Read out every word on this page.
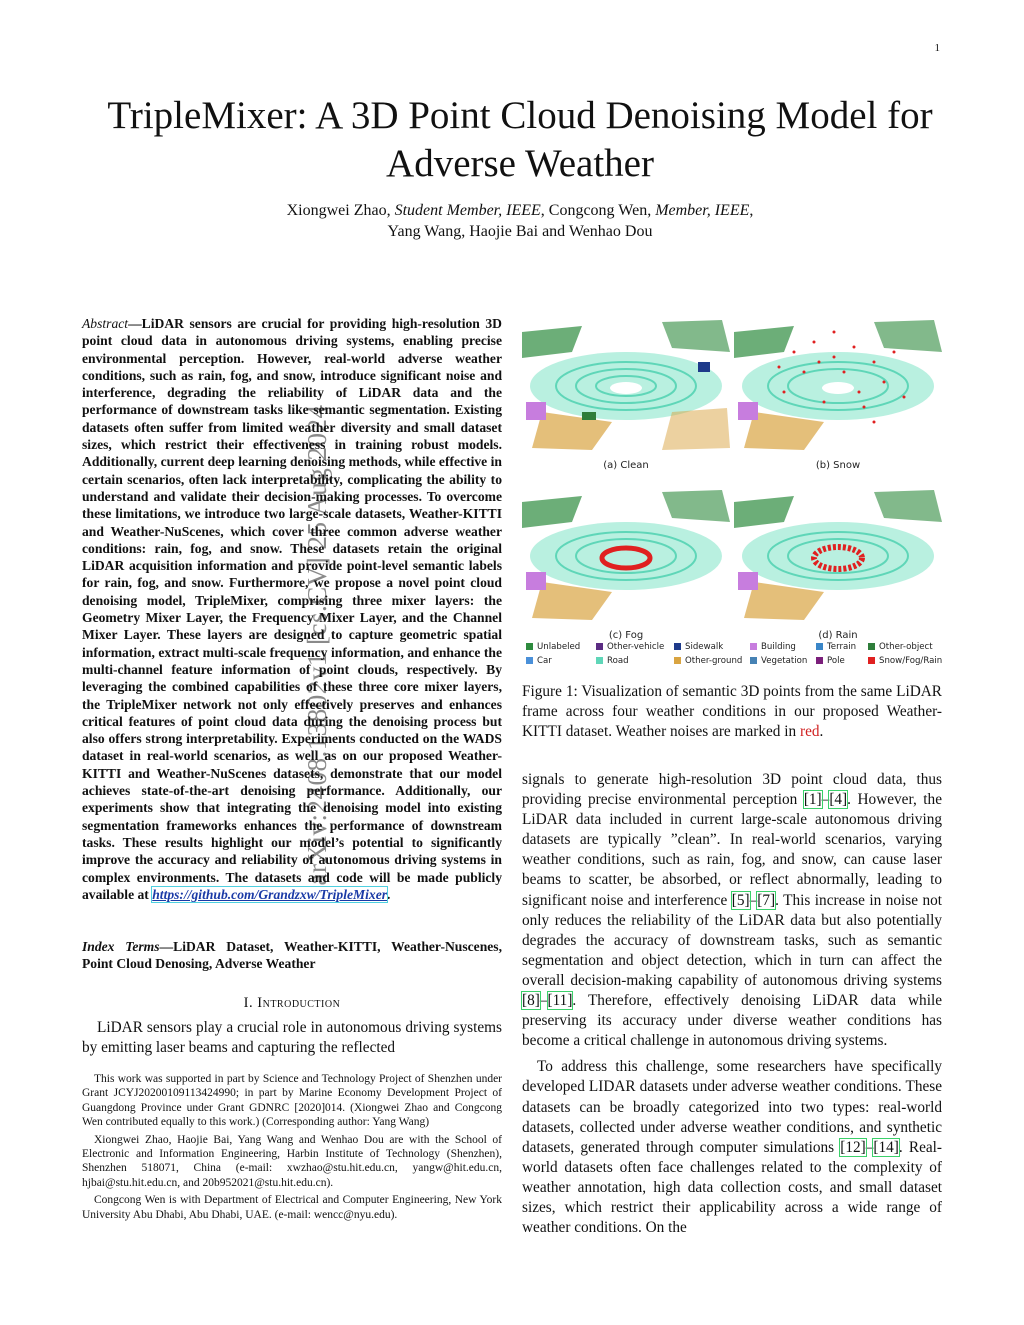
1
arXiv:2408.13802v1 [cs.CV] 25 Aug 2024
TripleMixer: A 3D Point Cloud Denoising Model for Adverse Weather
Xiongwei Zhao, Student Member, IEEE, Congcong Wen, Member, IEEE,
Yang Wang, Haojie Bai and Wenhao Dou
Abstract—LiDAR sensors are crucial for providing high-resolution 3D point cloud data in autonomous driving systems, enabling precise environmental perception. However, real-world adverse weather conditions, such as rain, fog, and snow, introduce significant noise and interference, degrading the reliability of LiDAR data and the performance of downstream tasks like semantic segmentation. Existing datasets often suffer from limited weather diversity and small dataset sizes, which restrict their effectiveness in training robust models. Additionally, current deep learning denoising methods, while effective in certain scenarios, often lack interpretability, complicating the ability to understand and validate their decision-making processes. To overcome these limitations, we introduce two large-scale datasets, Weather-KITTI and Weather-NuScenes, which cover three common adverse weather conditions: rain, fog, and snow. These datasets retain the original LiDAR acquisition information and provide point-level semantic labels for rain, fog, and snow. Furthermore, we propose a novel point cloud denoising model, TripleMixer, comprising three mixer layers: the Geometry Mixer Layer, the Frequency Mixer Layer, and the Channel Mixer Layer. These layers are designed to capture geometric spatial information, extract multi-scale frequency information, and enhance the multi-channel feature information of point clouds, respectively. By leveraging the combined capabilities of these three core mixer layers, the TripleMixer network not only effectively preserves and enhances critical features of point cloud data during the denoising process but also offers strong interpretability. Experiments conducted on the WADS dataset in real-world scenarios, as well as on our proposed Weather-KITTI and Weather-NuScenes datasets, demonstrate that our model achieves state-of-the-art denoising performance. Additionally, our experiments show that integrating the denoising model into existing segmentation frameworks enhances the performance of downstream tasks. These results highlight our model’s potential to significantly improve the accuracy and reliability of autonomous driving systems in complex environments. The datasets and code will be made publicly available at https://github.com/Grandzxw/TripleMixer.
Index Terms—LiDAR Dataset, Weather-KITTI, Weather-Nuscenes, Point Cloud Denosing, Adverse Weather
I. Introduction
LiDAR sensors play a crucial role in autonomous driving systems by emitting laser beams and capturing the reflected

This work was supported in part by Science and Technology Project of Shenzhen under Grant JCYJ20200109113424990; in part by Marine Economy Development Project of Guangdong Province under Grant GDNRC [2020]014. (Xiongwei Zhao and Congcong Wen contributed equally to this work.) (Corresponding author: Yang Wang)

Xiongwei Zhao, Haojie Bai, Yang Wang and Wenhao Dou are with the School of Electronic and Information Engineering, Harbin Institute of Technology (Shenzhen), Shenzhen 518071, China (e-mail: xwzhao@stu.hit.edu.cn, yangw@hit.edu.cn, hjbai@stu.hit.edu.cn, and 20b952021@stu.hit.edu.cn).

Congcong Wen is with Department of Electrical and Computer Engineering, New York University Abu Dhabi, Abu Dhabi, UAE. (e-mail: wencc@nyu.edu).

(a) Clean	(b) Snow
(c) Fog	(d) Rain
Unlabeled	Other-vehicle	Sidewalk	Building	Terrain	Other-object
Car	Road	Other-ground	Vegetation	Pole	Snow/Fog/Rain
Figure 1: Visualization of semantic 3D points from the same LiDAR frame across four weather conditions in our proposed Weather-KITTI dataset. Weather noises are marked in red.

signals to generate high-resolution 3D point cloud data, thus providing precise environmental perception [1]–[4]. However, the LiDAR data included in current large-scale autonomous driving datasets are typically ”clean”. In real-world scenarios, varying weather conditions, such as rain, fog, and snow, can cause laser beams to scatter, be absorbed, or reflect abnormally, leading to significant noise and interference [5]–[7]. This increase in noise not only reduces the reliability of the LiDAR data but also potentially degrades the accuracy of downstream tasks, such as semantic segmentation and object detection, which in turn can affect the overall decision-making capability of autonomous driving systems [8]–[11]. Therefore, effectively denoising LiDAR data while preserving its accuracy under diverse weather conditions has become a critical challenge in autonomous driving systems.

To address this challenge, some researchers have specifically developed LIDAR datasets under adverse weather conditions. These datasets can be broadly categorized into two types: real-world datasets, collected under adverse weather conditions, and synthetic datasets, generated through computer simulations [12]–[14]. Real-world datasets often face challenges related to the complexity of weather annotation, high data collection costs, and small dataset sizes, which restrict their applicability across a wide range of weather conditions. On the
